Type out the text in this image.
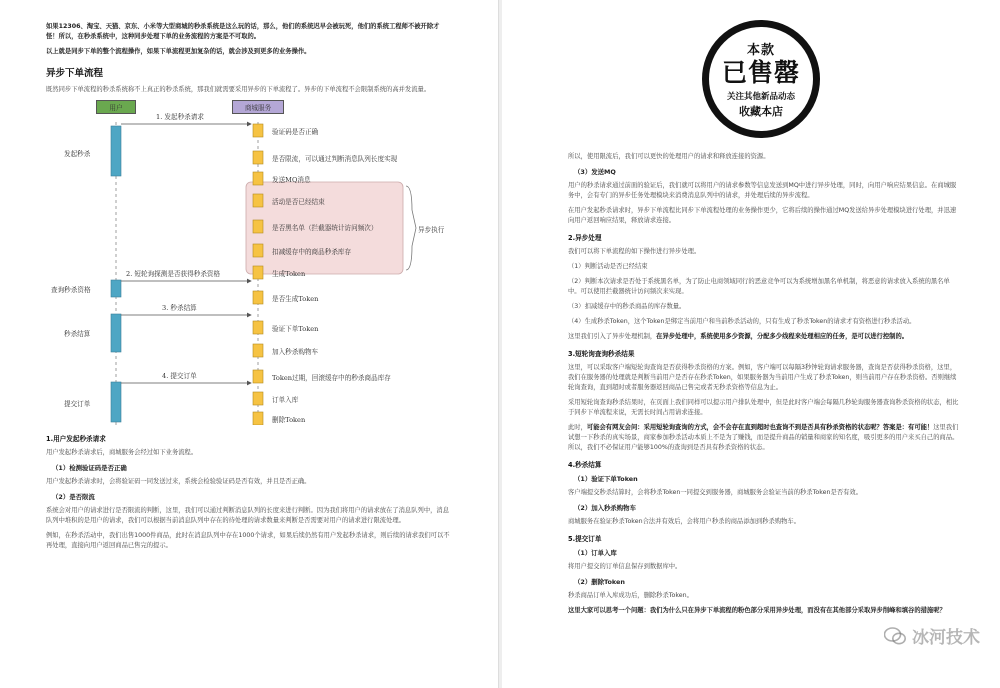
如果12306、淘宝、天猫、京东、小米等大型商城的秒杀系统是这么玩的话，那么，他们的系统迟早会被玩死，他们的系统工程师不被开除才怪！所以，在秒杀系统中，这种同步处理下单的业务流程的方案是不可取的。

以上就是同步下单的整个流程操作，如果下单流程更加复杂的话，就会涉及到更多的业务操作。

异步下单流程

既然同步下单流程的秒杀系统称不上真正的秒杀系统，那我们就需要采用异步的下单流程了。异步的下单流程不会限制系统的高并发流量。

用户	商城服务
1. 发起秒杀请求
2. 短轮询探测是否获得秒杀资格
3. 秒杀结算
4. 提交订单
发起秒杀
查询秒杀资格
秒杀结算
提交订单
异步执行
验证码是否正确
是否限流，可以通过判断消息队列长度实现
发送MQ消息
活动是否已经结束
是否黑名单（拦截器统计访问频次）
扣减缓存中的商品秒杀库存
生成Token
是否生成Token
验证下单Token
加入秒杀购物车
Token过期，回滚缓存中的秒杀商品库存
订单入库
删除Token
1.用户发起秒杀请求

用户发起秒杀请求后，商城服务会经过如下业务流程。

（1）检测验证码是否正确

用户发起秒杀请求时，会将验证码一同发送过来，系统会检验验证码是否有效，并且是否正确。

（2）是否限流

系统会对用户的请求进行是否限流的判断，这里，我们可以通过判断消息队列的长度来进行判断。因为我们将用户的请求放在了消息队列中，消息队列中堆积的是用户的请求，我们可以根据当前消息队列中存在的待处理的请求数量来判断是否需要对用户的请求进行限流处理。

例如，在秒杀活动中，我们出售1000件商品，此时在消息队列中存在1000个请求，如果后续仍然有用户发起秒杀请求，则后续的请求我们可以不再处理，直接向用户返回商品已售完的提示。

本款
已售罄
关注其他新品动态
收藏本店

所以，使用限流后，我们可以更快的处理用户的请求和释放连接的资源。

（3）发送MQ

用户的秒杀请求通过前面的验证后，我们就可以将用户的请求参数等信息发送到MQ中进行异步处理，同时，向用户响应结果信息。在商城服务中，会有专门的异步任务处理模块来消费消息队列中的请求，并处理后续的异步流程。

在用户发起秒杀请求时，异步下单流程比同步下单流程处理的业务操作更少，它将后续的操作通过MQ发送给异步处理模块进行处理，并迅速向用户返回响应结果，释放请求连接。

2.异步处理

我们可以将下单流程的如下操作进行异步处理。

（1）判断活动是否已经结束

（2）判断本次请求是否处于系统黑名单，为了防止电商领域同行的恶意竞争可以为系统增加黑名单机制，将恶意的请求放入系统的黑名单中。可以使用拦截器统计访问频次来实现。

（3）扣减缓存中的秒杀商品的库存数量。

（4）生成秒杀Token，这个Token是绑定当前用户和当前秒杀活动的，只有生成了秒杀Token的请求才有资格进行秒杀活动。

这里我们引入了异步处理机制，在异步处理中，系统使用多少资源，分配多少线程来处理相应的任务，是可以进行控制的。

3.短轮询查询秒杀结果

这里，可以采取客户端短轮询查询是否获得秒杀资格的方案。例如，客户端可以每隔3秒钟轮询请求服务器，查询是否获得秒杀资格，这里，我们在服务器的处理就是判断当前用户是否存在秒杀Token，如果服务器为当前用户生成了秒杀Token，则当前用户存在秒杀资格。否则继续轮询查询，直到超时或者服务器返回商品已售完或者无秒杀资格等信息为止。

采用短轮询查询秒杀结果时，在页面上我们同样可以提示用户排队处理中，但是此时客户端会每隔几秒轮询服务器查询秒杀资格的状态，相比于同步下单流程来说，无需长时间占用请求连接。

此时，可能会有网友会问：采用短轮询查询的方式，会不会存在直到超时也查询不到是否具有秒杀资格的状态呢？答案是：有可能！这里我们试想一下秒杀的真实场景，商家参加秒杀活动本质上不是为了赚钱，而是提升商品的销量和商家的知名度，吸引更多的用户来买自己的商品。所以，我们不必保证用户能够100%的查询到是否具有秒杀资格的状态。

4.秒杀结算
（1）验证下单Token

客户端提交秒杀结算时，会将秒杀Token一同提交到服务器，商城服务会验证当前的秒杀Token是否有效。

（2）加入秒杀购物车

商城服务在验证秒杀Token合法并有效后，会将用户秒杀的商品添加到秒杀购物车。

5.提交订单
（1）订单入库

将用户提交的订单信息保存到数据库中。

（2）删除Token

秒杀商品订单入库成功后，删除秒杀Token。

这里大家可以思考一个问题：我们为什么只在异步下单流程的粉色部分采用异步处理，而没有在其他部分采取异步削峰和填谷的措施呢？

冰河技术
